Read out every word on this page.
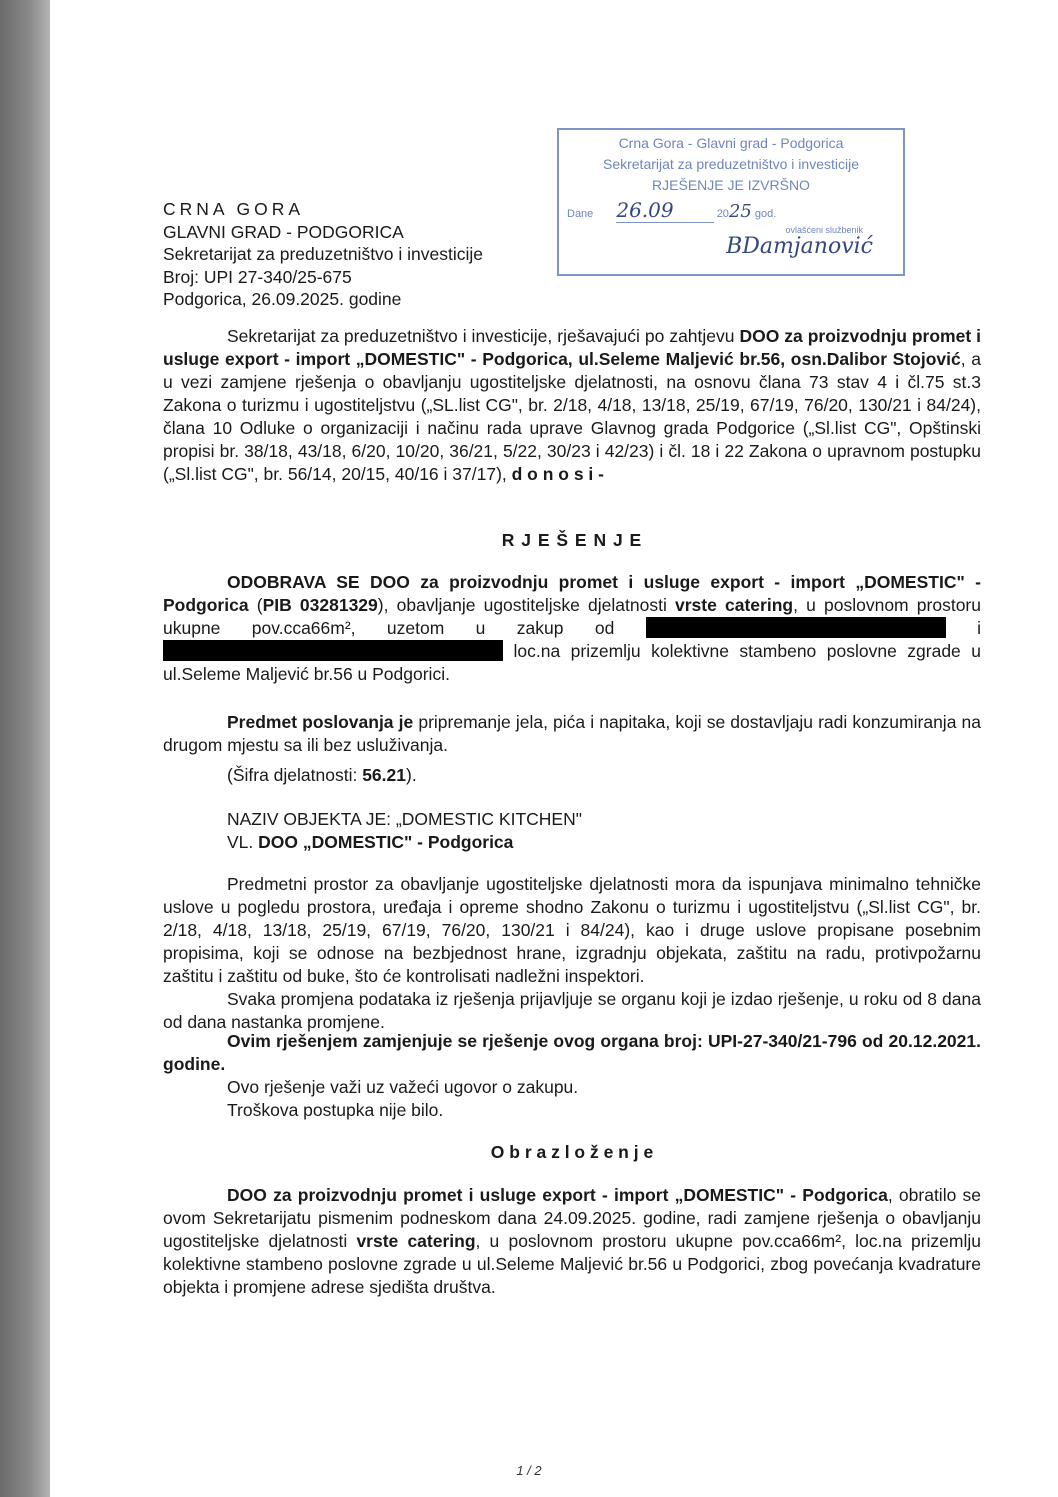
CRNA GORA
GLAVNI GRAD - PODGORICA
Sekretarijat za preduzetništvo i investicije
Broj: UPI 27-340/25-675
Podgorica, 26.09.2025. godine
Crna Gora - Glavni grad - Podgorica
Sekretarijat za preduzetništvo i investicije
RJEŠENJE JE IZVRŠNO
Dane 26.09	2025 god.
ovlašćeni službenik
BDamjanović
Sekretarijat za preduzetništvo i investicije, rješavajući po zahtjevu DOO za proizvodnju promet i usluge export - import „DOMESTIC" - Podgorica, ul.Seleme Maljević br.56, osn.Dalibor Stojović, a u vezi zamjene rješenja o obavljanju ugostiteljske djelatnosti, na osnovu člana 73 stav 4 i čl.75 st.3 Zakona o turizmu i ugostiteljstvu („SL.list CG", br. 2/18, 4/18, 13/18, 25/19, 67/19, 76/20, 130/21 i 84/24), člana 10 Odluke o organizaciji i načinu rada uprave Glavnog grada Podgorice („Sl.list CG", Opštinski propisi br. 38/18, 43/18, 6/20, 10/20, 36/21, 5/22, 30/23 i 42/23) i čl. 18 i 22 Zakona o upravnom postupku („Sl.list CG", br. 56/14, 20/15, 40/16 i 37/17), d o n o s i -
R J E Š E N J E
ODOBRAVA SE DOO za proizvodnju promet i usluge export - import „DOMESTIC" - Podgorica (PIB 03281329), obavljanje ugostiteljske djelatnosti vrste catering, u poslovnom prostoru ukupne pov.cca66m², uzetom u zakup od	i  loc.na prizemlju kolektivne stambeno poslovne zgrade u ul.Seleme Maljević br.56 u Podgorici.
Predmet poslovanja je pripremanje jela, pića i napitaka, koji se dostavljaju radi konzumiranja na drugom mjestu sa ili bez usluživanja.
(Šifra djelatnosti: 56.21).
NAZIV OBJEKTA JE: „DOMESTIC KITCHEN"
VL. DOO „DOMESTIC" - Podgorica
Predmetni prostor za obavljanje ugostiteljske djelatnosti mora da ispunjava minimalno tehničke uslove u pogledu prostora, uređaja i opreme shodno Zakonu o turizmu i ugostiteljstvu („Sl.list CG", br. 2/18, 4/18, 13/18, 25/19, 67/19, 76/20, 130/21 i 84/24), kao i druge uslove propisane posebnim propisima, koji se odnose na bezbjednost hrane, izgradnju objekata, zaštitu na radu, protivpožarnu zaštitu i zaštitu od buke, što će kontrolisati nadležni inspektori.
Svaka promjena podataka iz rješenja prijavljuje se organu koji je izdao rješenje, u roku od 8 dana od dana nastanka promjene.
Ovim rješenjem zamjenjuje se rješenje ovog organa broj: UPI-27-340/21-796 od 20.12.2021. godine.
Ovo rješenje važi uz važeći ugovor o zakupu.
Troškova postupka nije bilo.
O b r a z l o ž e n j e
DOO za proizvodnju promet i usluge export - import „DOMESTIC" - Podgorica, obratilo se ovom Sekretarijatu pismenim podneskom dana 24.09.2025. godine, radi zamjene rješenja o obavljanju ugostiteljske djelatnosti vrste catering, u poslovnom prostoru ukupne pov.cca66m², loc.na prizemlju kolektivne stambeno poslovne zgrade u ul.Seleme Maljević br.56 u Podgorici, zbog povećanja kvadrature objekta i promjene adrese sjedišta društva.
1 / 2
